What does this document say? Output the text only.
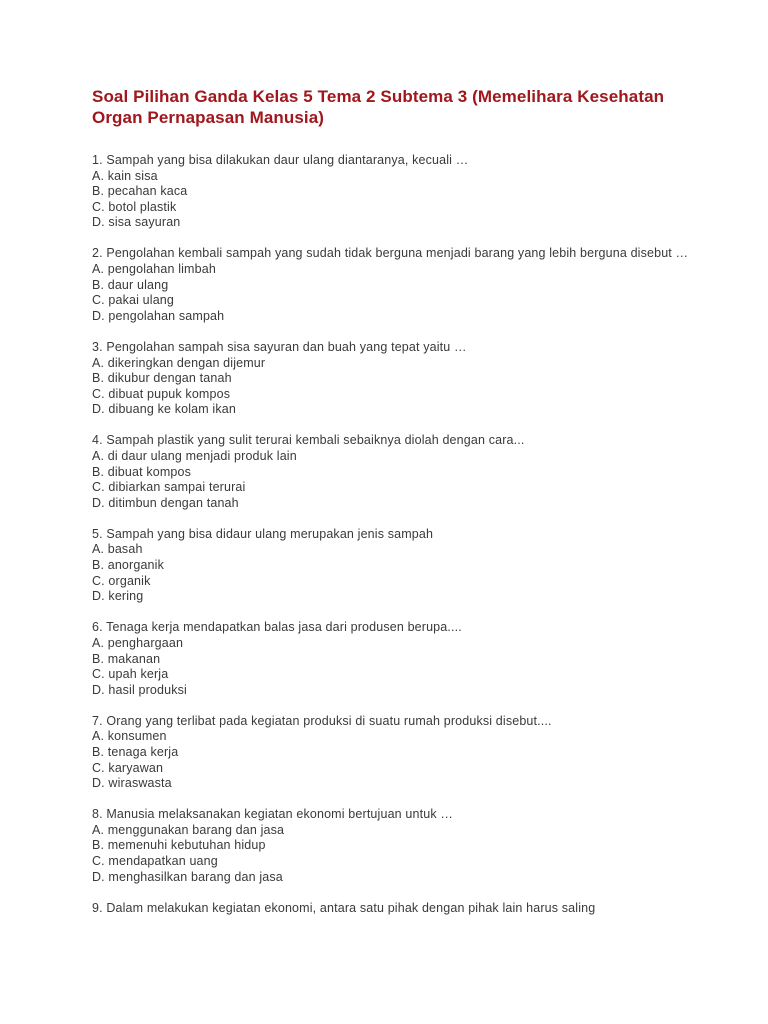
Soal Pilihan Ganda Kelas 5 Tema 2 Subtema 3 (Memelihara Kesehatan Organ Pernapasan Manusia)
1. Sampah yang bisa dilakukan daur ulang diantaranya, kecuali …
A. kain sisa
B. pecahan kaca
C. botol plastik
D. sisa sayuran
2. Pengolahan kembali sampah yang sudah tidak berguna menjadi barang yang lebih berguna disebut …
A. pengolahan limbah
B. daur ulang
C. pakai ulang
D. pengolahan sampah
3. Pengolahan sampah sisa sayuran dan buah yang tepat yaitu …
A. dikeringkan dengan dijemur
B. dikubur dengan tanah
C. dibuat pupuk kompos
D. dibuang ke kolam ikan
4. Sampah plastik yang sulit terurai kembali sebaiknya diolah dengan cara...
A. di daur ulang menjadi produk lain
B. dibuat kompos
C. dibiarkan sampai terurai
D. ditimbun dengan tanah
5. Sampah yang bisa didaur ulang merupakan jenis sampah
A. basah
B. anorganik
C. organik
D. kering
6. Tenaga kerja mendapatkan balas jasa dari produsen berupa....
A. penghargaan
B. makanan
C. upah kerja
D. hasil produksi
7. Orang yang terlibat pada kegiatan produksi di suatu rumah produksi disebut....
A. konsumen
B. tenaga kerja
C. karyawan
D. wiraswasta
8. Manusia melaksanakan kegiatan ekonomi bertujuan untuk …
A. menggunakan barang dan jasa
B. memenuhi kebutuhan hidup
C. mendapatkan uang
D. menghasilkan barang dan jasa
9. Dalam melakukan kegiatan ekonomi, antara satu pihak dengan pihak lain harus saling
